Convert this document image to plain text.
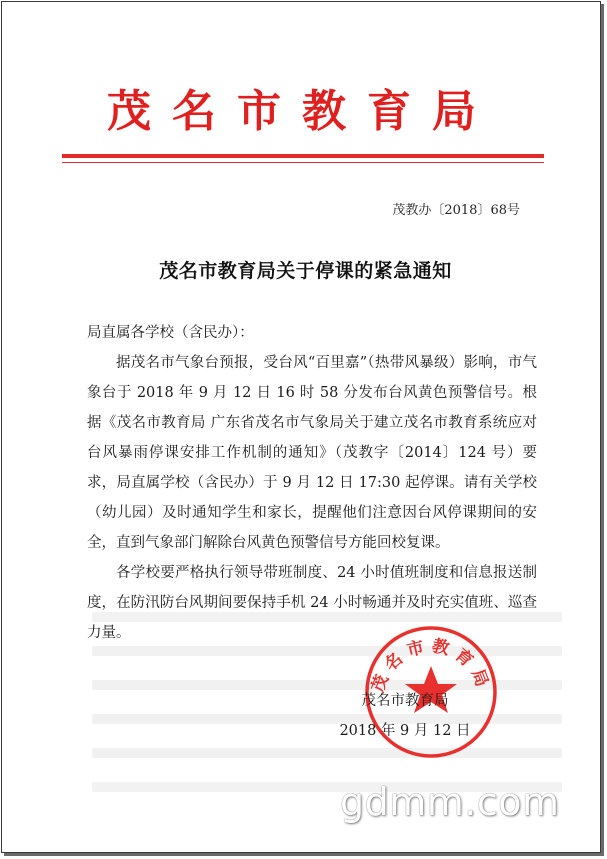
茂名市教育局
茂教办〔2018〕68号
茂名市教育局关于停课的紧急通知

局直属各学校（含民办）：

据茂名市气象台预报，受台风“百里嘉”（热带风暴级）影响，市气象台于 2018 年 9 月 12 日 16 时 58 分发布台风黄色预警信号。根据《茂名市教育局 广东省茂名市气象局关于建立茂名市教育系统应对台风暴雨停课安排工作机制的通知》（茂教字〔2014〕124 号）要求，局直属学校（含民办）于 9 月 12 日 17:30 起停课。请有关学校（幼儿园）及时通知学生和家长，提醒他们注意因台风停课期间的安全，直到气象部门解除台风黄色预警信号方能回校复课。

各学校要严格执行领导带班制度、24 小时值班制度和信息报送制度，在防汛防台风期间要保持手机 24 小时畅通并及时充实值班、巡查力量。

茂名市教育局
茂名市教育局
2018 年 9 月 12 日
gdmm.com
